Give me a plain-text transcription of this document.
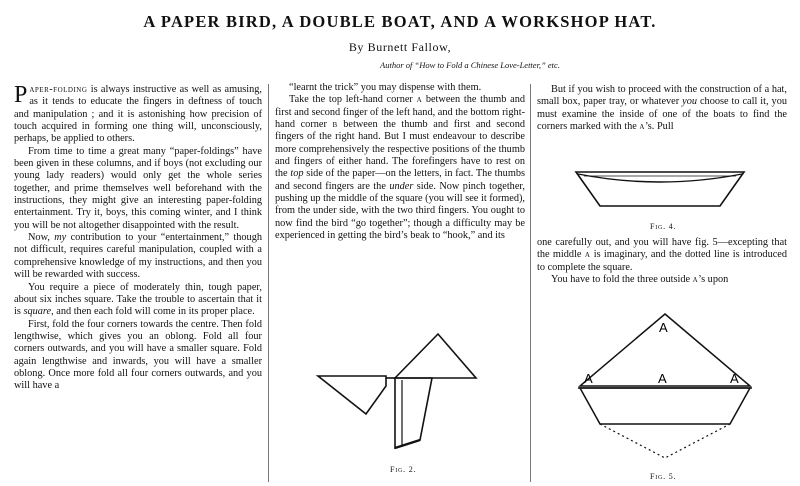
A PAPER BIRD, A DOUBLE BOAT, AND A WORKSHOP HAT.
By Burnett Fallow,
Author of “How to Fold a Chinese Love-Letter,” etc.

Paper-folding is always instructive as well as amusing, as it tends to educate the fingers in deftness of touch and manipulation ; and it is astonishing how precision of touch acquired in forming one thing will, unconsciously, perhaps, be applied to others.

From time to time a great many “paper-foldings” have been given in these columns, and if boys (not excluding our young lady readers) would only get the whole series together, and prime themselves well beforehand with the instructions, they might give an interesting paper-folding entertainment. Try it, boys, this coming winter, and I think you will be not altogether disappointed with the result.

Now, my contribution to your “entertainment,” though not difficult, requires careful manipulation, coupled with a comprehensive knowledge of my instructions, and then you will be rewarded with success.

You require a piece of moderately thin, tough paper, about six inches square. Take the trouble to ascertain that it is square, and then each fold will come in its proper place.

First, fold the four corners towards the centre. Then fold lengthwise, which gives you an oblong. Fold all four corners outwards, and you will have a smaller square. Fold again lengthwise and inwards, you will have a smaller oblong. Once more fold all four corners outwards, and you will have a

“learnt the trick” you may dispense with them.

Take the top left-hand corner a between the thumb and first and second finger of the left hand, and the bottom right-hand corner b between the thumb and first and second fingers of the right hand. But I must endeavour to describe more comprehensively the respective positions of the thumb and fingers of either hand. The forefingers have to rest on the top side of the paper—on the letters, in fact. The thumbs and second fingers are the under side. Now pinch together, pushing up the middle of the square (you will see it formed), from the under side, with the two third fingers. You ought to now find the bird “go together”; though a difficulty may be experienced in getting the bird’s beak to “hook,” and its

Fig. 2.

But if you wish to proceed with the construction of a hat, small box, paper tray, or whatever you choose to call it, you must examine the inside of one of the boats to find the corners marked with the a’s. Pull

Fig. 4.

one carefully out, and you will have fig. 5—excepting that the middle a is imaginary, and the dotted line is introduced to complete the square.

You have to fold the three outside a’s upon

A
A	A	A
Fig. 5.
